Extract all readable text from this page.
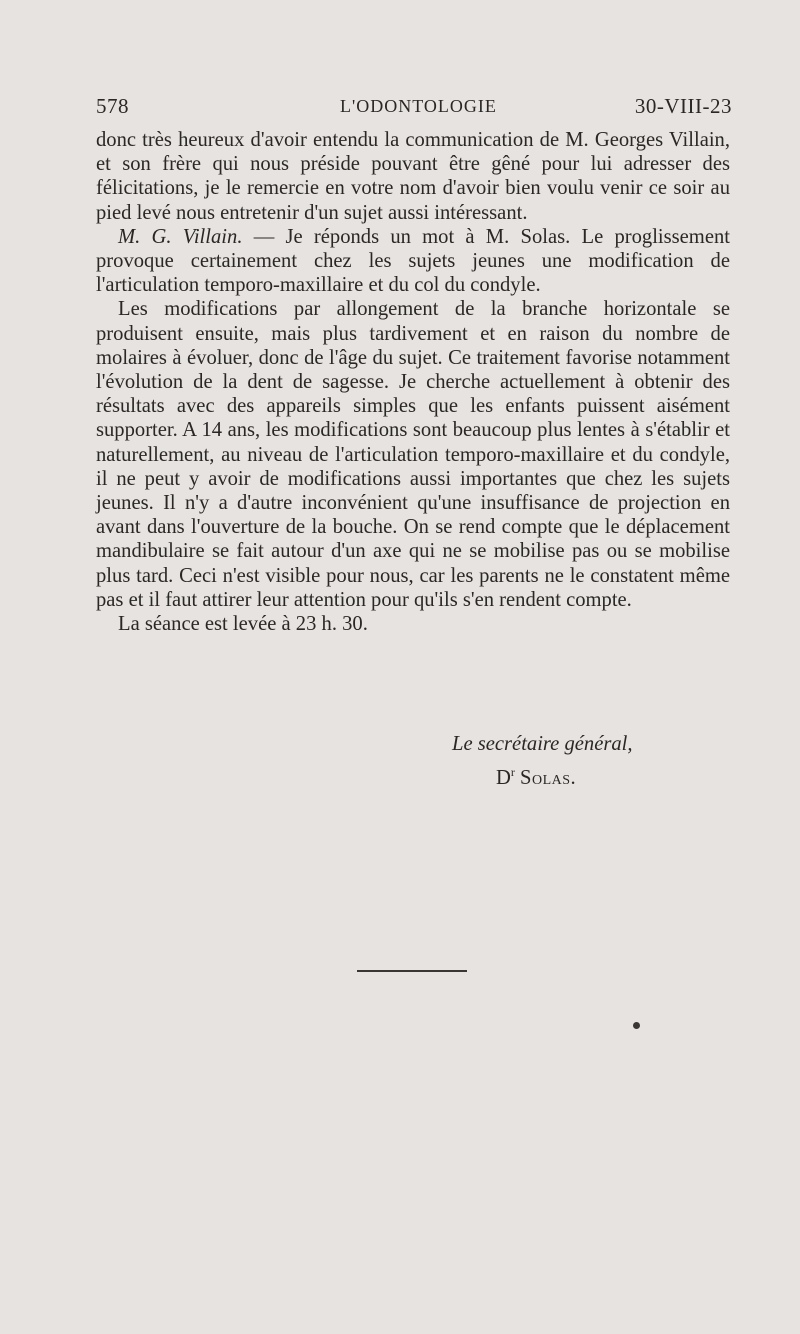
578	L'ODONTOLOGIE	30-VIII-23

donc très heureux d'avoir entendu la communication de M. Georges Villain, et son frère qui nous préside pouvant être gêné pour lui adresser des félicitations, je le remercie en votre nom d'avoir bien voulu venir ce soir au pied levé nous entretenir d'un sujet aussi intéressant.

M. G. Villain. — Je réponds un mot à M. Solas. Le proglissement provoque certainement chez les sujets jeunes une modification de l'articulation temporo-maxillaire et du col du condyle.

Les modifications par allongement de la branche horizontale se produisent ensuite, mais plus tardivement et en raison du nombre de molaires à évoluer, donc de l'âge du sujet. Ce traitement favorise notamment l'évolution de la dent de sagesse. Je cherche actuellement à obtenir des résultats avec des appareils simples que les enfants puissent aisément supporter. A 14 ans, les modifications sont beaucoup plus lentes à s'établir et naturellement, au niveau de l'articulation temporo-maxillaire et du condyle, il ne peut y avoir de modifications aussi importantes que chez les sujets jeunes. Il n'y a d'autre inconvénient qu'une insuffisance de projection en avant dans l'ouverture de la bouche. On se rend compte que le déplacement mandibulaire se fait autour d'un axe qui ne se mobilise pas ou se mobilise plus tard. Ceci n'est visible pour nous, car les parents ne le constatent même pas et il faut attirer leur attention pour qu'ils s'en rendent compte.

La séance est levée à 23 h. 30.

Le secrétaire général,
$D^r$ Solas.
